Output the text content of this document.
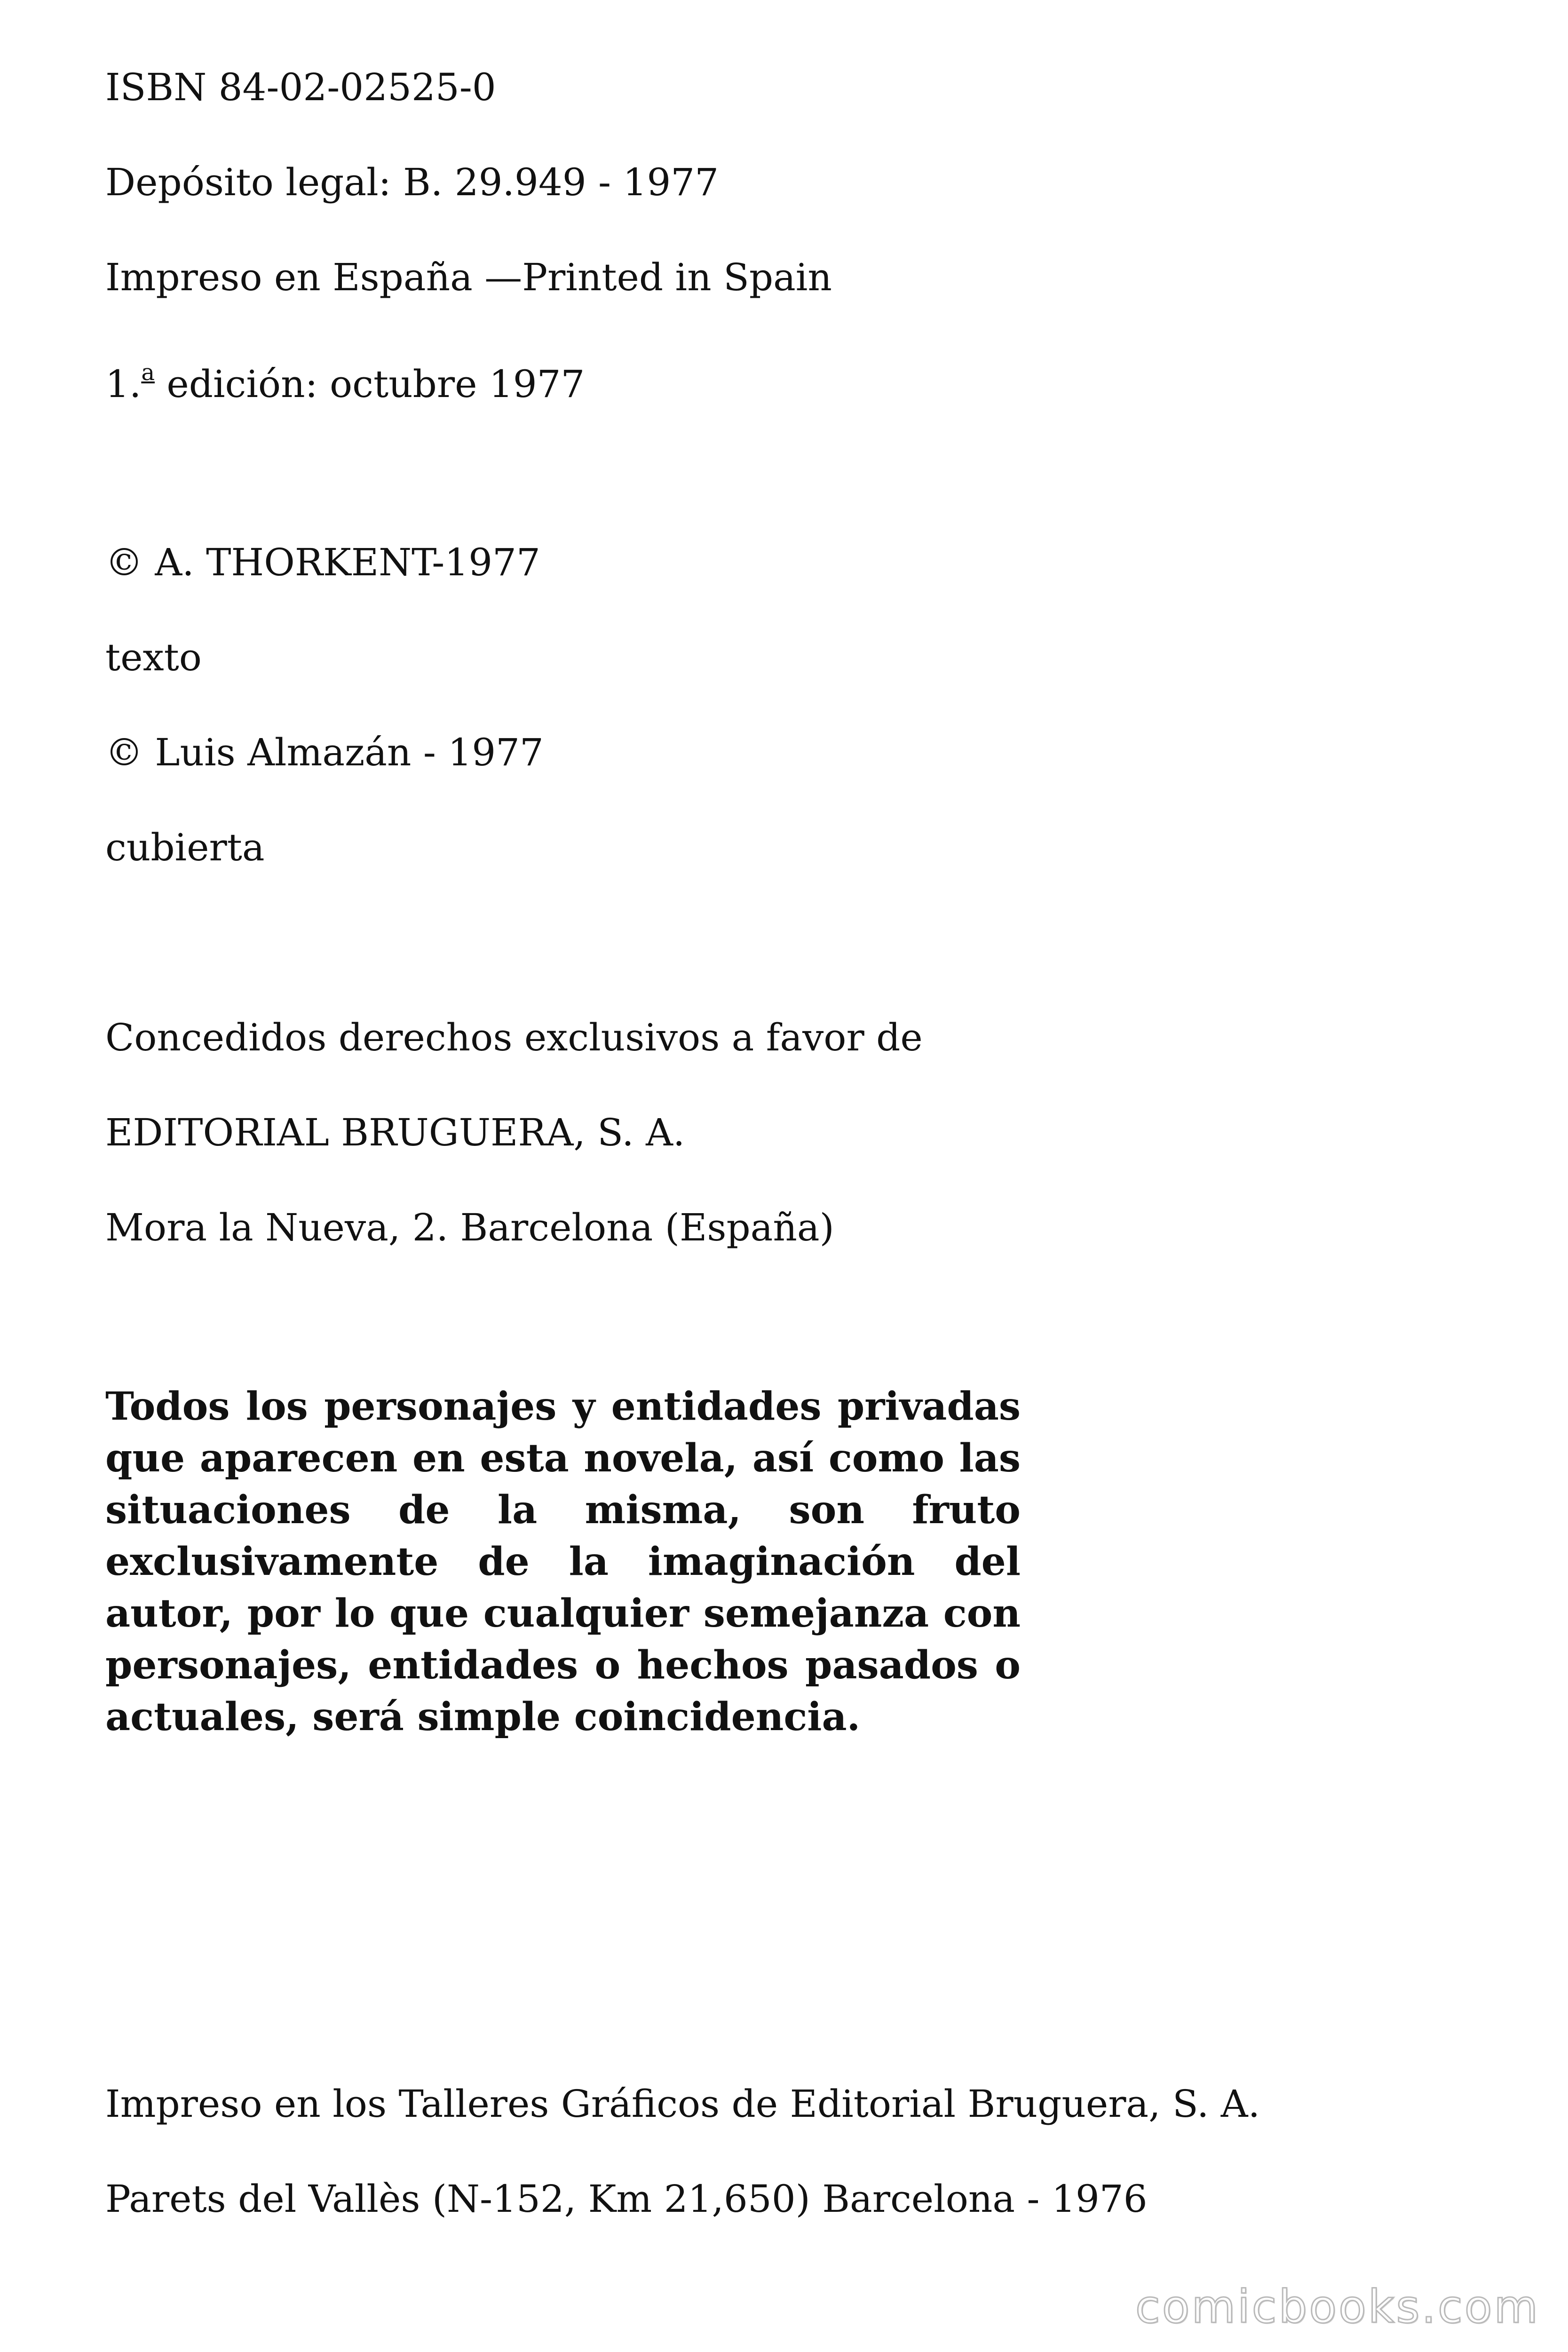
ISBN 84-02-02525-0

Depósito legal: B. 29.949 - 1977

Impreso en España —Printed in Spain

1.$^a$ edición: octubre 1977

© A. THORKENT-1977

texto

© Luis Almazán - 1977

cubierta

Concedidos derechos exclusivos a favor de

EDITORIAL BRUGUERA, S. A.

Mora la Nueva, 2. Barcelona (España)

Todos los personajes y entidades privadas que aparecen en esta novela, así como las situaciones de la misma, son fruto exclusivamente de la imaginación del autor, por lo que cualquier semejanza con personajes, entidades o hechos pasados o actuales, será simple coincidencia.

Impreso en los Talleres Gráficos de Editorial Bruguera, S. A.

Parets del Vallès (N-152, Km 21,650) Barcelona - 1976

comicbooks.com
